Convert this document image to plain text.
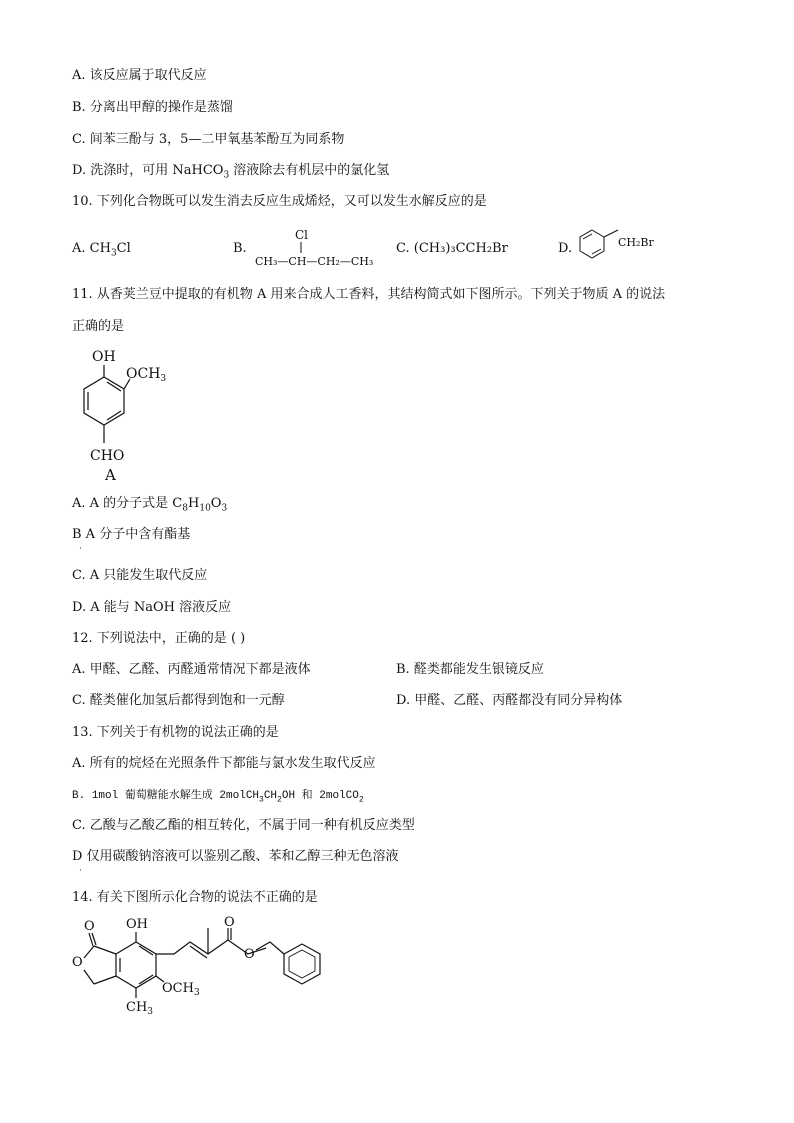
A. 该反应属于取代反应
B. 分离出甲醇的操作是蒸馏
C. 间苯三酚与 3，5—二甲氧基苯酚互为同系物
D. 洗涤时，可用 NaHCO$_3$ 溶液除去有机层中的氯化氢
10. 下列化合物既可以发生消去反应生成烯烃，又可以发生水解反应的是
A. $CH_3Cl$	B.
Cl
CH₃—CH—CH₂—CH₃
C. (CH₃)₃CCH₂Br	D.	CH₂Br
11. 从香荚兰豆中提取的有机物 A 用来合成人工香料，其结构简式如下图所示。下列关于物质 A 的说法
正确的是
OH
$OCH_3$
CHO
A
A. A 的分子式是 $C_8H_{10}O_3$
B A 分子中含有酯基
·
C. A 只能发生取代反应
D. A 能与 NaOH 溶液反应
12. 下列说法中，正确的是 ( )
A. 甲醛、乙醛、丙醛通常情况下都是液体	B. 醛类都能发生银镜反应
C. 醛类催化加氢后都得到饱和一元醇	D. 甲醛、乙醛、丙醛都没有同分异构体
13. 下列关于有机物的说法正确的是
A. 所有的烷烃在光照条件下都能与氯水发生取代反应
B. 1mol 葡萄糖能水解生成 $2molCH_3CH_2OH$ 和 2molCO$_2$
C. 乙酸与乙酸乙酯的相互转化，不属于同一种有机反应类型
D 仅用碳酸钠溶液可以鉴别乙酸、苯和乙醇三种无色溶液
·
14. 有关下图所示化合物的说法不正确的是
O
O
OH
$CH_3$
$OCH_3$
O
O
